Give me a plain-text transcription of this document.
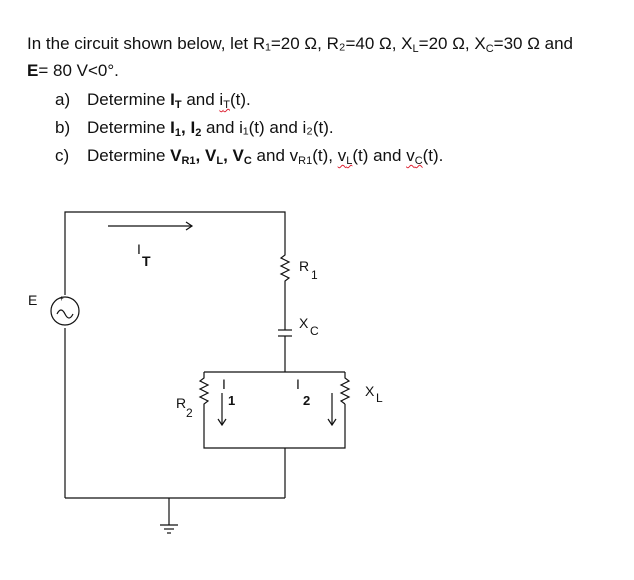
In the circuit shown below, let R₁=20 Ω, R₂=40 Ω, $X_L=20$ Ω, $X_C=30$ Ω and
E= 80 V<0°.

a) Determine $I_T$ and $i_T(t)$.
b) Determine $I_1$, $I_2$ and i₁(t) and i₂(t).
c) Determine $V_{R1}$, $V_L$, $V_C$ and $v_{R1}(t)$, $v_L(t)$ and $v_C(t)$.
+
E
I
T	R
1
X C
R
2
I
1
I
2
X L
